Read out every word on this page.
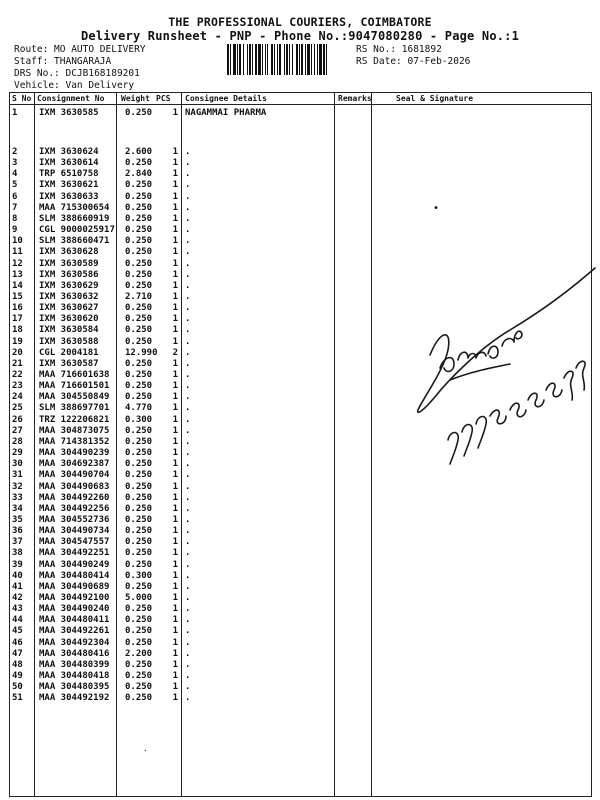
THE PROFESSIONAL COURIERS, COIMBATORE
Delivery Runsheet - PNP - Phone No.:9047080280 - Page No.:1
Route: MO AUTO DELIVERY
Staff: THANGARAJA
DRS No.: DCJB168189201
Vehicle: Van Delivery
RS No.: 1681892
RS Date: 07-Feb-2026
S No Consignment No Weight PCS Consignee Details	Remarks	Seal & Signature
1 IXM 3630585	0.250 1 NAGAMMAI PHARMA
2 IXM 3630624	2.600 1 .
3 IXM 3630614	0.250 1 .
4 TRP 6510758	2.840 1 .
5 IXM 3630621	0.250 1 .
6 IXM 3630633	0.250 1 .
7 MAA 715300654 0.250 1 .
8 SLM 388660919 0.250 1 .
9 CGL 9000025917 0.250 1 .
10 SLM 388660471 0.250 1 .
11 IXM 3630628	0.250 1 .
12 IXM 3630589	0.250 1 .
13 IXM 3630586	0.250 1 .
14 IXM 3630629	0.250 1 .
15 IXM 3630632	2.710 1 .
16 IXM 3630627	0.250 1 .
17 IXM 3630620	0.250 1 .
18 IXM 3630584	0.250 1 .
19 IXM 3630588	0.250 1 .
20 CGL 2004181	12.990 2 .
21 IXM 3630587	0.250 1 .
22 MAA 716601638 0.250 1 .
23 MAA 716601501 0.250 1 .
24 MAA 304550849 0.250 1 .
25 SLM 388697701 4.770 1 .
26 TRZ 122206821 0.300 1 .
27 MAA 304873075 0.250 1 .
28 MAA 714381352 0.250 1 .
29 MAA 304490239 0.250 1 .
30 MAA 304692387 0.250 1 .
31 MAA 304490704 0.250 1 .
32 MAA 304490683 0.250 1 .
33 MAA 304492260 0.250 1 .
34 MAA 304492256 0.250 1 .
35 MAA 304552736 0.250 1 .
36 MAA 304490734 0.250 1 .
37 MAA 304547557 0.250 1 .
38 MAA 304492251 0.250 1 .
39 MAA 304490249 0.250 1 .
40 MAA 304480414 0.300 1 .
41 MAA 304490689 0.250 1 .
42 MAA 304492100 5.000 1 .
43 MAA 304490240 0.250 1 .
44 MAA 304480411 0.250 1 .
45 MAA 304492261 0.250 1 .
46 MAA 304492304 0.250 1 .
47 MAA 304480416 2.200 1 .
48 MAA 304480399 0.250 1 .
49 MAA 304480418 0.250 1 .
50 MAA 304480395 0.250 1 .
51 MAA 304492192 0.250 1 .
•
·
9994885978
